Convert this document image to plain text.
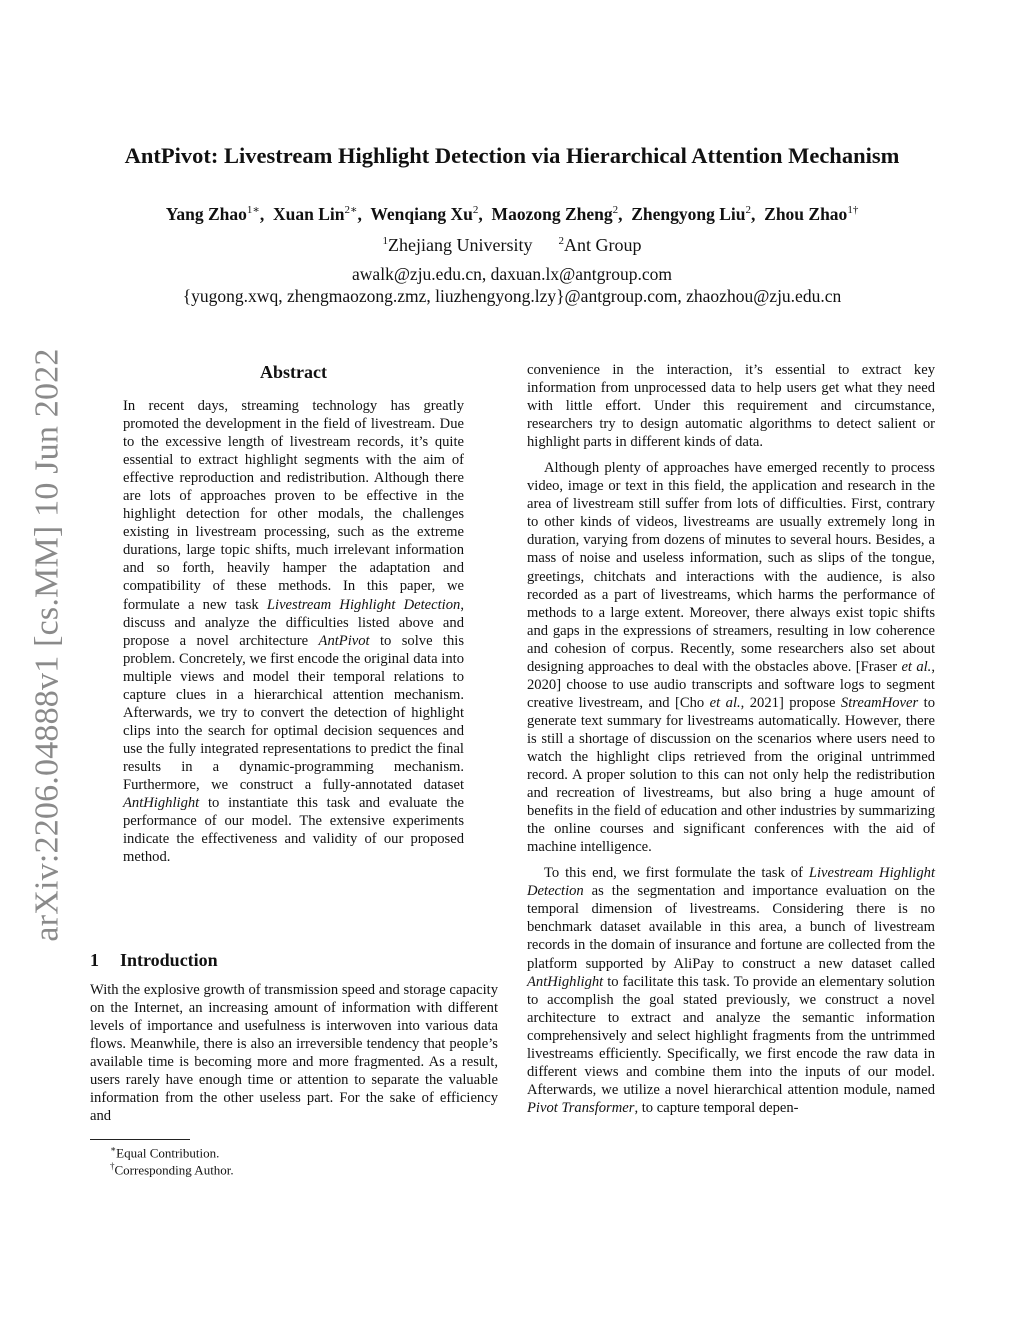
arXiv:2206.04888v1 [cs.MM] 10 Jun 2022
AntPivot: Livestream Highlight Detection via Hierarchical Attention Mechanism
Yang Zhao$^{1∗}$,  Xuan Lin$^{2∗}$,  Wenqiang Xu$^2$,  Maozong Zheng$^2$,  Zhengyong Liu$^2$,  Zhou Zhao$^{1\dagger}$
$^1$Zhejiang University $^2$Ant Group
awalk@zju.edu.cn, daxuan.lx@antgroup.com
{yugong.xwq, zhengmaozong.zmz, liuzhengyong.lzy}@antgroup.com, zhaozhou@zju.edu.cn
Abstract

In recent days, streaming technology has greatly promoted the development in the field of livestream. Due to the excessive length of livestream records, it’s quite essential to extract highlight segments with the aim of effective reproduction and redistribution. Although there are lots of approaches proven to be effective in the highlight detection for other modals, the challenges existing in livestream processing, such as the extreme durations, large topic shifts, much irrelevant information and so forth, heavily hamper the adaptation and compatibility of these methods. In this paper, we formulate a new task Livestream Highlight Detection, discuss and analyze the difficulties listed above and propose a novel architecture AntPivot to solve this problem. Concretely, we first encode the original data into multiple views and model their temporal relations to capture clues in a hierarchical attention mechanism. Afterwards, we try to convert the detection of highlight clips into the search for optimal decision sequences and use the fully integrated representations to predict the final results in a dynamic-programming mechanism. Furthermore, we construct a fully-annotated dataset AntHighlight to instantiate this task and evaluate the performance of our model. The extensive experiments indicate the effectiveness and validity of our proposed method.

1 Introduction

With the explosive growth of transmission speed and storage capacity on the Internet, an increasing amount of information with different levels of importance and usefulness is interwoven into various data flows. Meanwhile, there is also an irreversible tendency that people’s available time is becoming more and more fragmented. As a result, users rarely have enough time or attention to separate the valuable information from the other useless part. For the sake of efficiency and

∗Equal Contribution.
†Corresponding Author.

convenience in the interaction, it’s essential to extract key information from unprocessed data to help users get what they need with little effort. Under this requirement and circumstance, researchers try to design automatic algorithms to detect salient or highlight parts in different kinds of data.

Although plenty of approaches have emerged recently to process video, image or text in this field, the application and research in the area of livestream still suffer from lots of difficulties. First, contrary to other kinds of videos, livestreams are usually extremely long in duration, varying from dozens of minutes to several hours. Besides, a mass of noise and useless information, such as slips of the tongue, greetings, chitchats and interactions with the audience, is also recorded as a part of livestreams, which harms the performance of methods to a large extent. Moreover, there always exist topic shifts and gaps in the expressions of streamers, resulting in low coherence and cohesion of corpus. Recently, some researchers also set about designing approaches to deal with the obstacles above. [Fraser et al., 2020] choose to use audio transcripts and software logs to segment creative livestream, and [Cho et al., 2021] propose StreamHover to generate text summary for livestreams automatically. However, there is still a shortage of discussion on the scenarios where users need to watch the highlight clips retrieved from the original untrimmed record. A proper solution to this can not only help the redistribution and recreation of livestreams, but also bring a huge amount of benefits in the field of education and other industries by summarizing the online courses and significant conferences with the aid of machine intelligence.

To this end, we first formulate the task of Livestream Highlight Detection as the segmentation and importance evaluation on the temporal dimension of livestreams. Considering there is no benchmark dataset available in this area, a bunch of livestream records in the domain of insurance and fortune are collected from the platform supported by AliPay to construct a new dataset called AntHighlight to facilitate this task. To provide an elementary solution to accomplish the goal stated previously, we construct a novel architecture to extract and analyze the semantic information comprehensively and select highlight fragments from the untrimmed livestreams efficiently. Specifically, we first encode the raw data in different views and combine them into the inputs of our model. Afterwards, we utilize a novel hierarchical attention module, named Pivot Transformer, to capture temporal depen-
